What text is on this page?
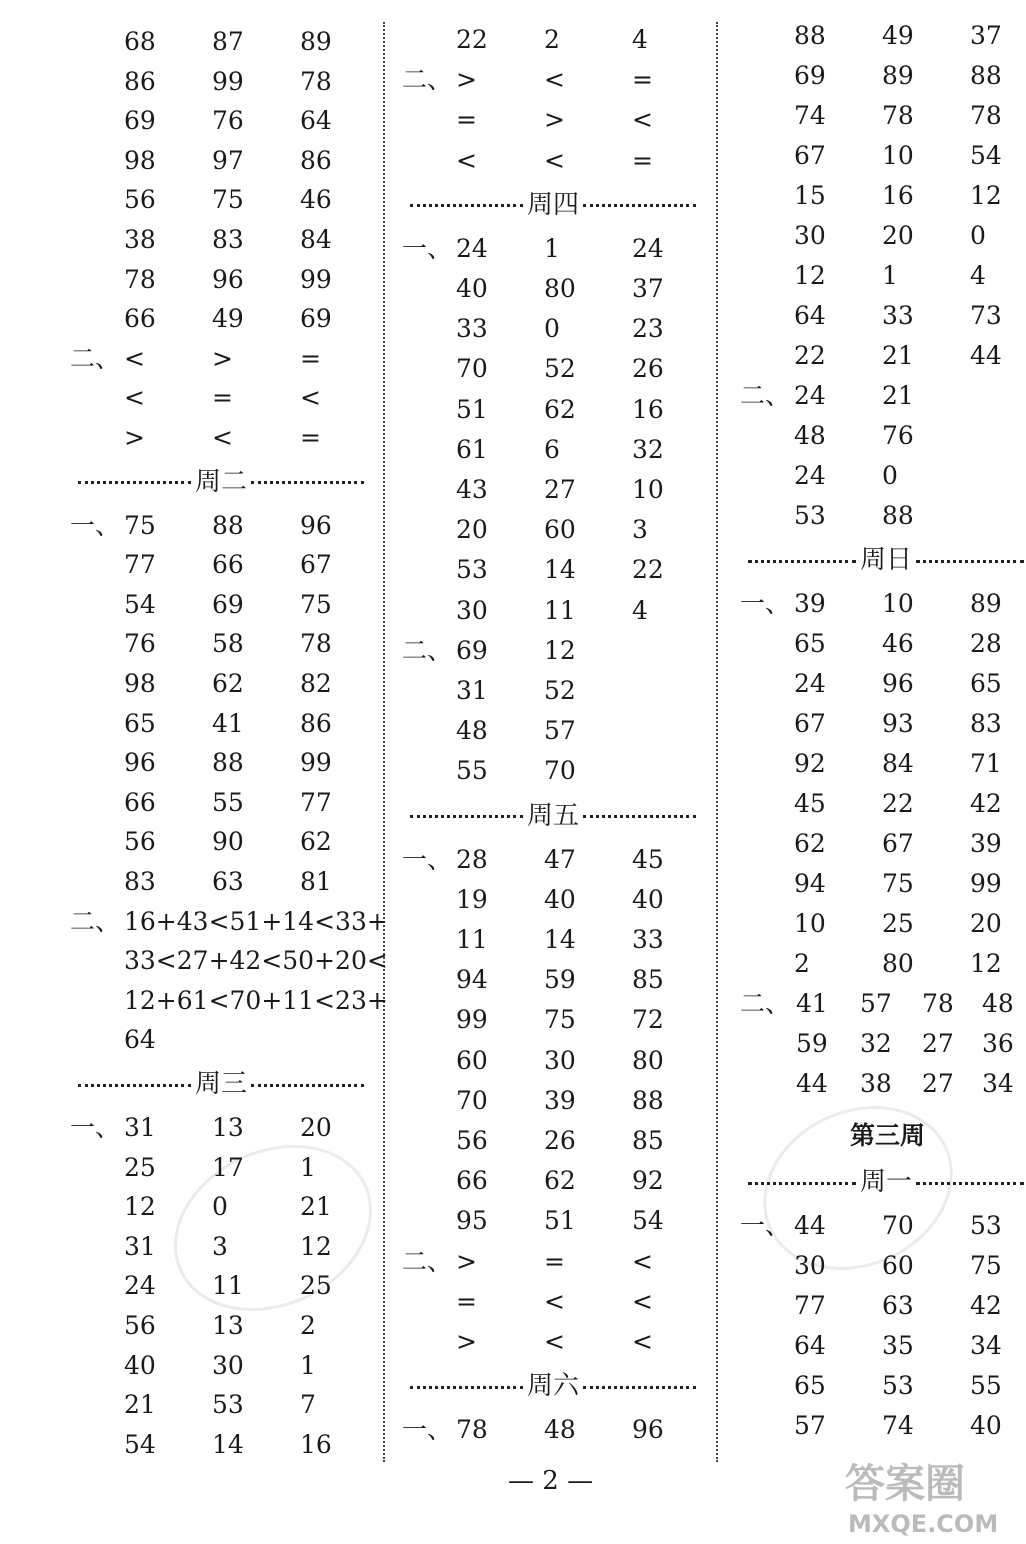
答案圈
MXQE.COM
— 2 —
68 87 89
86 99 78
69 76 64
98 97 86
56 75 46
38 83 84
78 96 99
66 49 69
二、 <	>	=
<	=	<
>	<	=
周二
一、 75 88 96
77 66 67
54 69 75
76 58 78
98 62 82
65 41 86
96 88 99
66 55 77
56 90 62
83 63 81
二、 16+43<51+14<33+
33<27+42<50+20<
12+61<70+11<23+
64
周三
一、 31 13 20
25 17 1
12 0	21
31 3	12
24 11 25
56 13 2
40 30 1
21 53 7
54 14 16
22 2	4
二、 >	<	=
=	>	<
<	<	=
周四
一、 24 1	24
40 80 37
33 0	23
70 52 26
51 62 16
61 6	32
43 27 10
20 60 3
53 14 22
30 11 4
二、 69 12
31 52
48 57
55 70
周五
一、 28 47 45
19 40 40
11 14 33
94 59 85
99 75 72
60 30 80
70 39 88
56 26 85
66 62 92
95 51 54
二、 >	=	<
=	<	<
>	<	<
周六
一、 78 48 96
88 49 37
69 89 88
74 78 78
67 10 54
15 16 12
30 20 0
12 1	4
64 33 73
22 21 44
二、 24 21
48 76
24 0
53 88
周日
一、 39 10 89
65 46 28
24 96 65
67 93 83
92 84 71
45 22 42
62 67 39
94 75 99
10 25 20
2	80 12
二、 41 57 78 48
59 32 27 36
44 38 27 34
第三周
周一
一、 44 70 53
30 60 75
77 63 42
64 35 34
65 53 55
57 74 40
